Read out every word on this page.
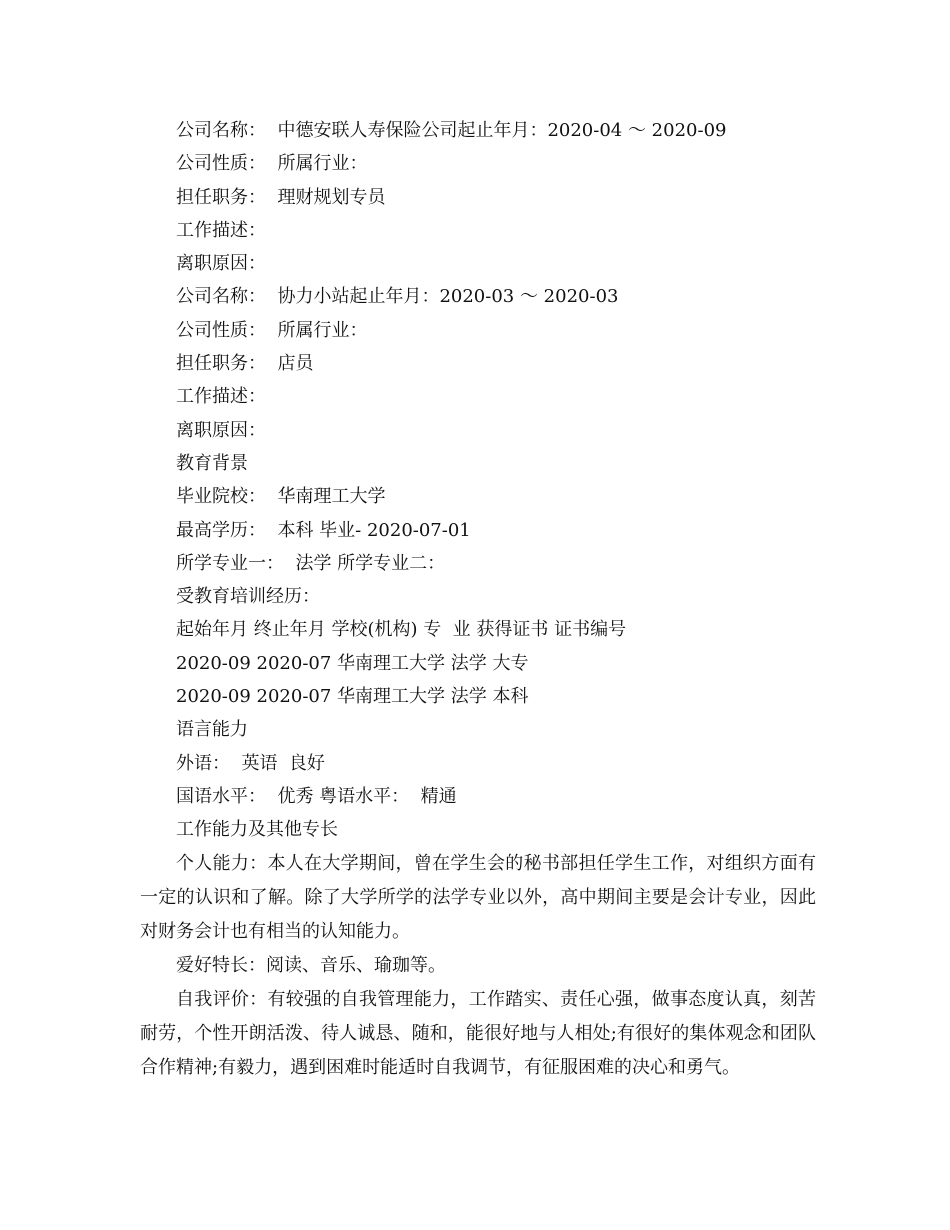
公司名称：  中德安联人寿保险公司起止年月：2020-04 ～ 2020-09
公司性质：  所属行业：
担任职务：  理财规划专员
工作描述：
离职原因：
公司名称：  协力小站起止年月：2020-03 ～ 2020-03
公司性质：  所属行业：
担任职务：  店员
工作描述：
离职原因：
教育背景
毕业院校：  华南理工大学
最高学历：  本科 毕业- 2020-07-01
所学专业一：  法学 所学专业二：
受教育培训经历：
起始年月 终止年月 学校(机构) 专  业 获得证书 证书编号
2020-09 2020-07 华南理工大学 法学 大专
2020-09 2020-07 华南理工大学 法学 本科
语言能力
外语：  英语  良好
国语水平：  优秀 粤语水平：  精通
工作能力及其他专长

个人能力：本人在大学期间，曾在学生会的秘书部担任学生工作，对组织方面有一定的认识和了解。除了大学所学的法学专业以外，高中期间主要是会计专业，因此对财务会计也有相当的认知能力。

爱好特长：阅读、音乐、瑜珈等。

自我评价：有较强的自我管理能力，工作踏实、责任心强，做事态度认真，刻苦耐劳，个性开朗活泼、待人诚恳、随和，能很好地与人相处;有很好的集体观念和团队合作精神;有毅力，遇到困难时能适时自我调节，有征服困难的决心和勇气。
